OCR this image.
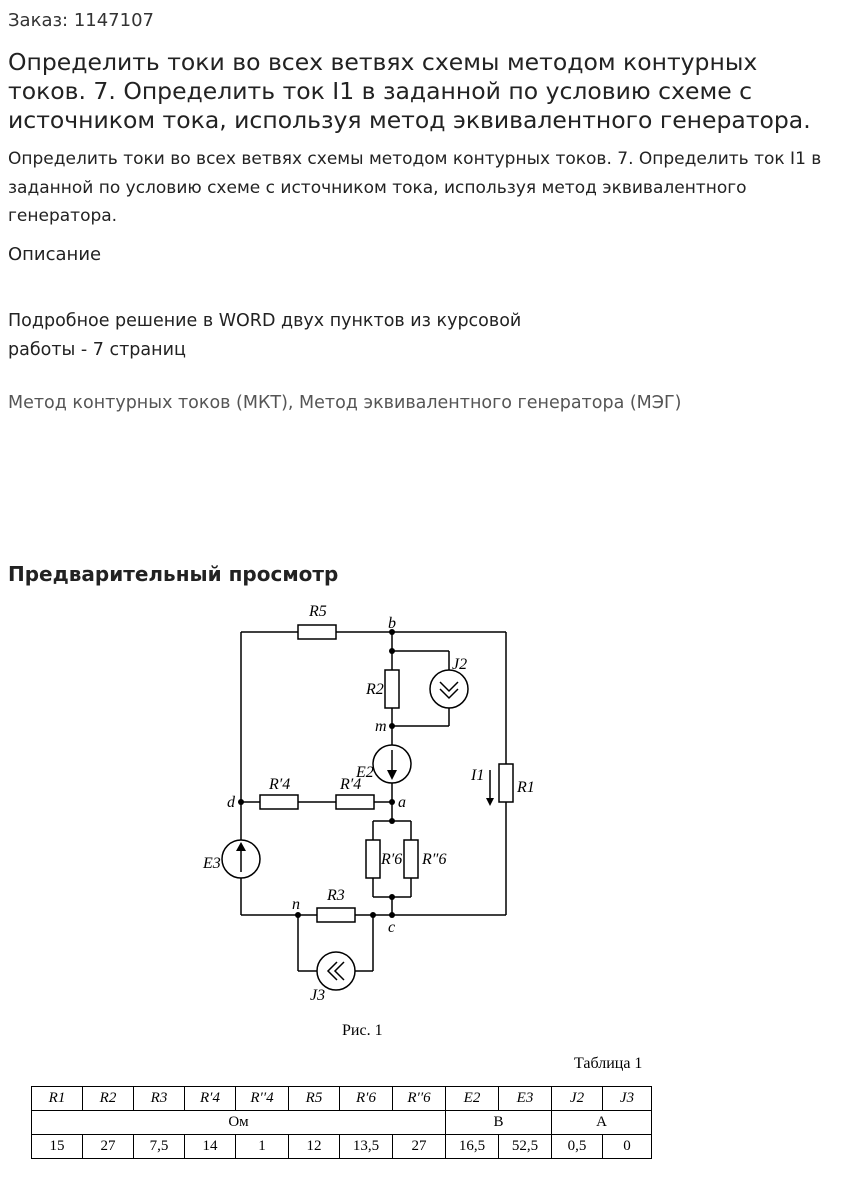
Заказ: 1147107
Определить токи во всех ветвях схемы методом контурных токов. 7. Определить ток I1 в заданной по условию схеме с источником тока, используя метод эквивалентного генератора.
Определить токи во всех ветвях схемы методом контурных токов. 7. Определить ток I1 в заданной по условию схеме с источником тока, используя метод эквивалентного генератора.
Описание
Подробное решение в WORD двух пунктов из курсовой работы - 7 страниц
Метод контурных токов (МКТ), Метод эквивалентного генератора (МЭГ)
Предварительный просмотр
R5
b
R2
J2
m
E2	I1
R1
d	a
R′4	R′4
R′6 R″6
E3
n
R3
c
J3
Рис. 1
Таблица 1
R1	R2	R3	R′4	R′′4	R5	R′6	R′′6	E2	E3	J2	J3
Ом								В		А	
15	27	7,5	14	1	12	13,5	27	16,5	52,5	0,5	0
